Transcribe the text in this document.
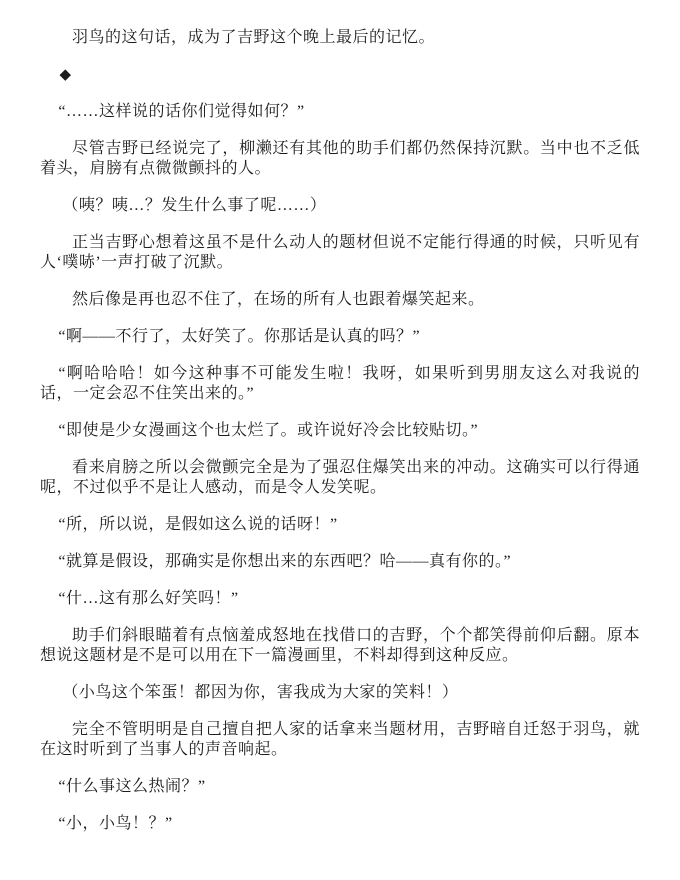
羽鸟的这句话，成为了吉野这个晚上最后的记忆。

◆

“……这样说的话你们觉得如何？”

尽管吉野已经说完了，柳濑还有其他的助手们都仍然保持沉默。当中也不乏低着头，肩膀有点微微颤抖的人。

（咦？咦…？发生什么事了呢……）

正当吉野心想着这虽不是什么动人的题材但说不定能行得通的时候，只听见有人‘噗哧’一声打破了沉默。

然后像是再也忍不住了，在场的所有人也跟着爆笑起来。

“啊——不行了，太好笑了。你那话是认真的吗？”

“啊哈哈哈！如今这种事不可能发生啦！我呀，如果听到男朋友这么对我说的话，一定会忍不住笑出来的。”

“即使是少女漫画这个也太烂了。或许说好冷会比较贴切。”

看来肩膀之所以会微颤完全是为了强忍住爆笑出来的冲动。这确实可以行得通呢，不过似乎不是让人感动，而是令人发笑呢。

“所，所以说，是假如这么说的话呀！”

“就算是假设，那确实是你想出来的东西吧？哈——真有你的。”

“什…这有那么好笑吗！”

助手们斜眼瞄着有点恼羞成怒地在找借口的吉野，个个都笑得前仰后翻。原本想说这题材是不是可以用在下一篇漫画里，不料却得到这种反应。

（小鸟这个笨蛋！都因为你，害我成为大家的笑料！）

完全不管明明是自己擅自把人家的话拿来当题材用，吉野暗自迁怒于羽鸟，就在这时听到了当事人的声音响起。

“什么事这么热闹？”

“小，小鸟！？”
